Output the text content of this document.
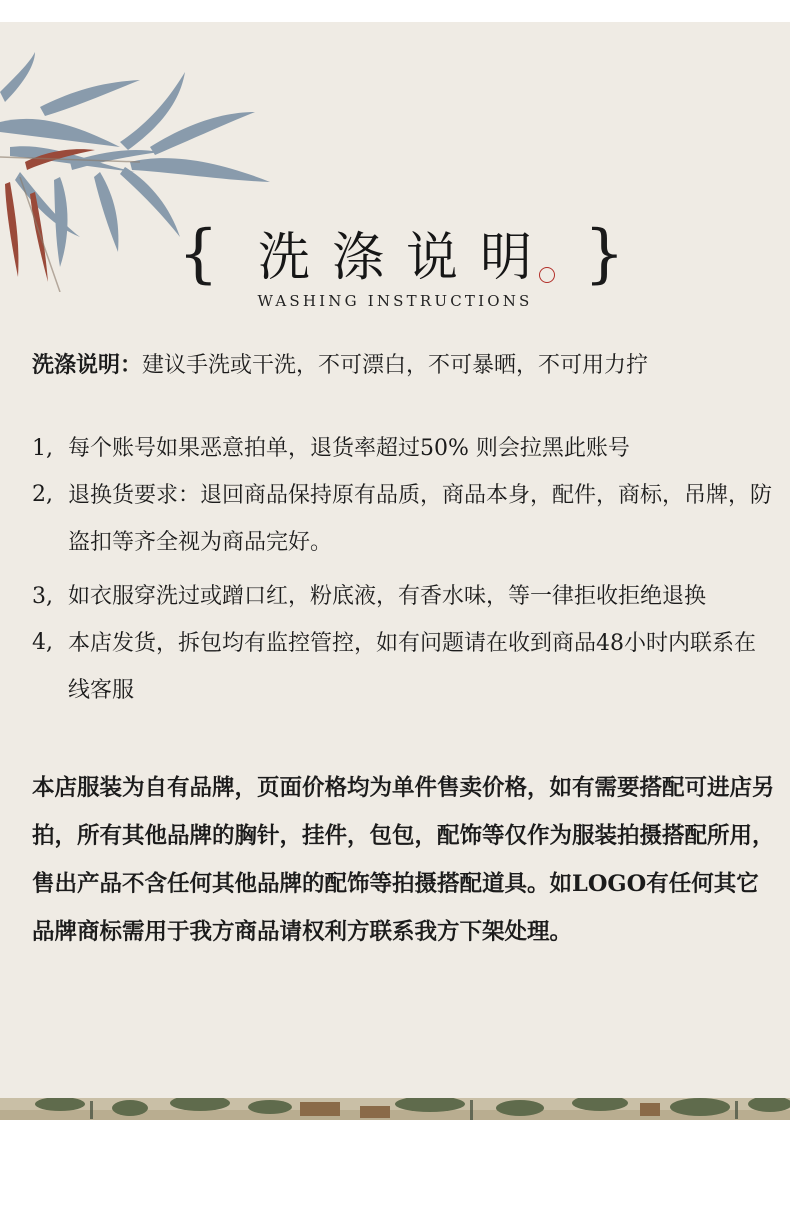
{ 洗涤说明 }
WASHING INSTRUCTIONS
洗涤说明：建议手洗或干洗，不可漂白，不可暴晒，不可用力拧
1, 每个账号如果恶意拍单，退货率超过50% 则会拉黑此账号
2, 退换货要求：退回商品保持原有品质，商品本身，配件，商标，吊牌，防盗扣等齐全视为商品完好。
3, 如衣服穿洗过或蹭口红，粉底液，有香水味，等一律拒收拒绝退换
4, 本店发货，拆包均有监控管控，如有问题请在收到商品48小时内联系在线客服
本店服装为自有品牌，页面价格均为单件售卖价格，如有需要搭配可进店另拍，所有其他品牌的胸针，挂件，包包，配饰等仅作为服装拍摄搭配所用，售出产品不含任何其他品牌的配饰等拍摄搭配道具。如LOGO有任何其它品牌商标需用于我方商品请权利方联系我方下架处理。
